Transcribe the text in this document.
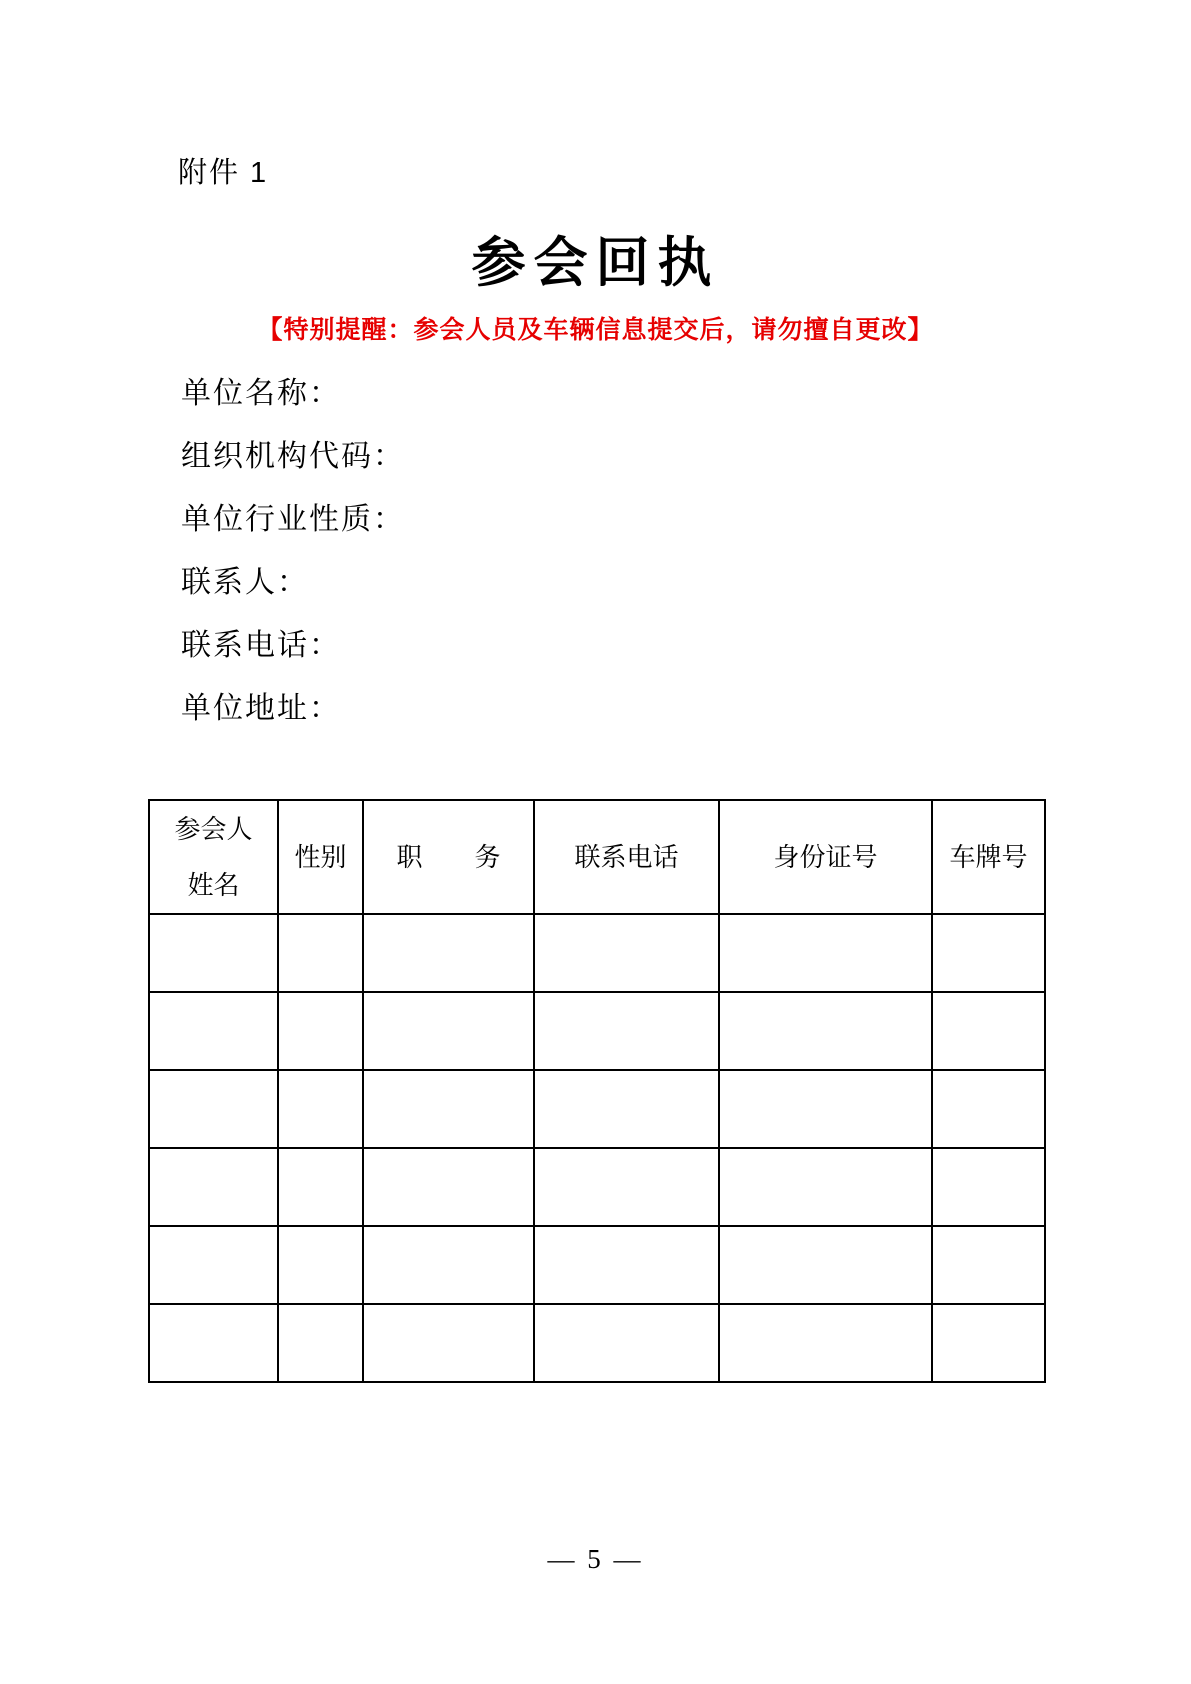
附件 1
参会回执
【特别提醒：参会人员及车辆信息提交后，请勿擅自更改】
单位名称：
组织机构代码：
单位行业性质：
联系人：
联系电话：
单位地址：
参会人
姓名	性别	职　　务	联系电话	身份证号	车牌号

— 5 —
